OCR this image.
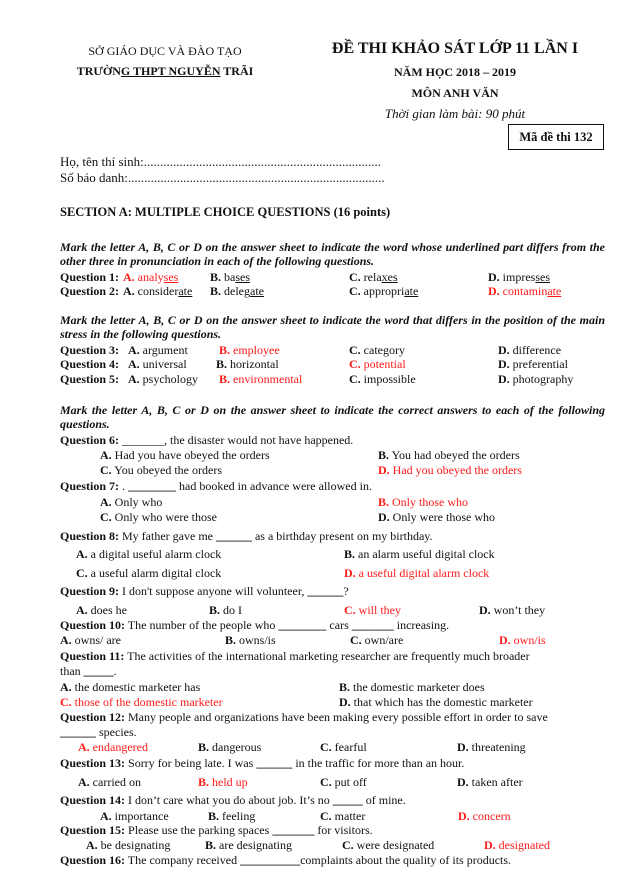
SỞ GIÁO DỤC VÀ ĐÀO TẠO
TRƯỜNG THPT NGUYỄN TRÃI
ĐỀ THI KHẢO SÁT LỚP 11 LẦN I
NĂM HỌC 2018 – 2019
MÔN ANH VĂN
Thời gian làm bài: 90 phút
Mã đề thi 132
Họ, tên thí sinh:.........................................................................
Số báo danh:...............................................................................
SECTION A: MULTIPLE CHOICE QUESTIONS (16 points)
Mark the letter A, B, C or D on the answer sheet to indicate the word whose underlined part differs from the other three in pronunciation in each of the following questions.
Question 1: A. analyses	B. bases	C. relaxes	D. impresses
Question 2: A. considerate B. delegate	C. appropriate	D. contaminate
Mark the letter A, B, C or D on the answer sheet to indicate the word that differs in the position of the main stress in the following questions.
Question 3: A. argument	B. employee	C. category	D. difference
Question 4: A. universal B. horizontal	C. potential	D. preferential
Question 5: A. psychology B. environmental	C. impossible	D. photography
Mark the letter A, B, C or D on the answer sheet to indicate the correct answers to each of the following questions.
Question 6: _______, the disaster would not have happened.
A. Had you have obeyed the orders	B. You had obeyed the orders
C. You obeyed the orders	D. Had you obeyed the orders
Question 7: . ________ had booked in advance were allowed in.
A. Only who	B. Only those who
C. Only who were those	D. Only were those who
Question 8: My father gave me ______ as a birthday present on my birthday.
A. a digital useful alarm clock	B. an alarm useful digital clock
C. a useful alarm digital clock	D. a useful digital alarm clock
Question 9: I don't suppose anyone will volunteer, ______?
A. does he	B. do I	C. will they	D. won’t they
Question 10: The number of the people who ________ cars _______ increasing.
A. owns/ are	B. owns/is	C. own/are	D. own/is
Question 11: The activities of the international marketing researcher are frequently much broader
than _____.
A. the domestic marketer has	B. the domestic marketer does
C. those of the domestic marketer	D. that which has the domestic marketer
Question 12: Many people and organizations have been making every possible effort in order to save
______ species.
A. endangered	B. dangerous	C. fearful	D. threatening
Question 13: Sorry for being late. I was ______ in the traffic for more than an hour.
A. carried on	B. held up	C. put off	D. taken after
Question 14: I don’t care what you do about job. It’s no _____ of mine.
A. importance	B. feeling	C. matter	D. concern
Question 15: Please use the parking spaces _______ for visitors.
A. be designating	B. are designating	C. were designated	D. designated
Question 16: The company received __________complaints about the quality of its products.
